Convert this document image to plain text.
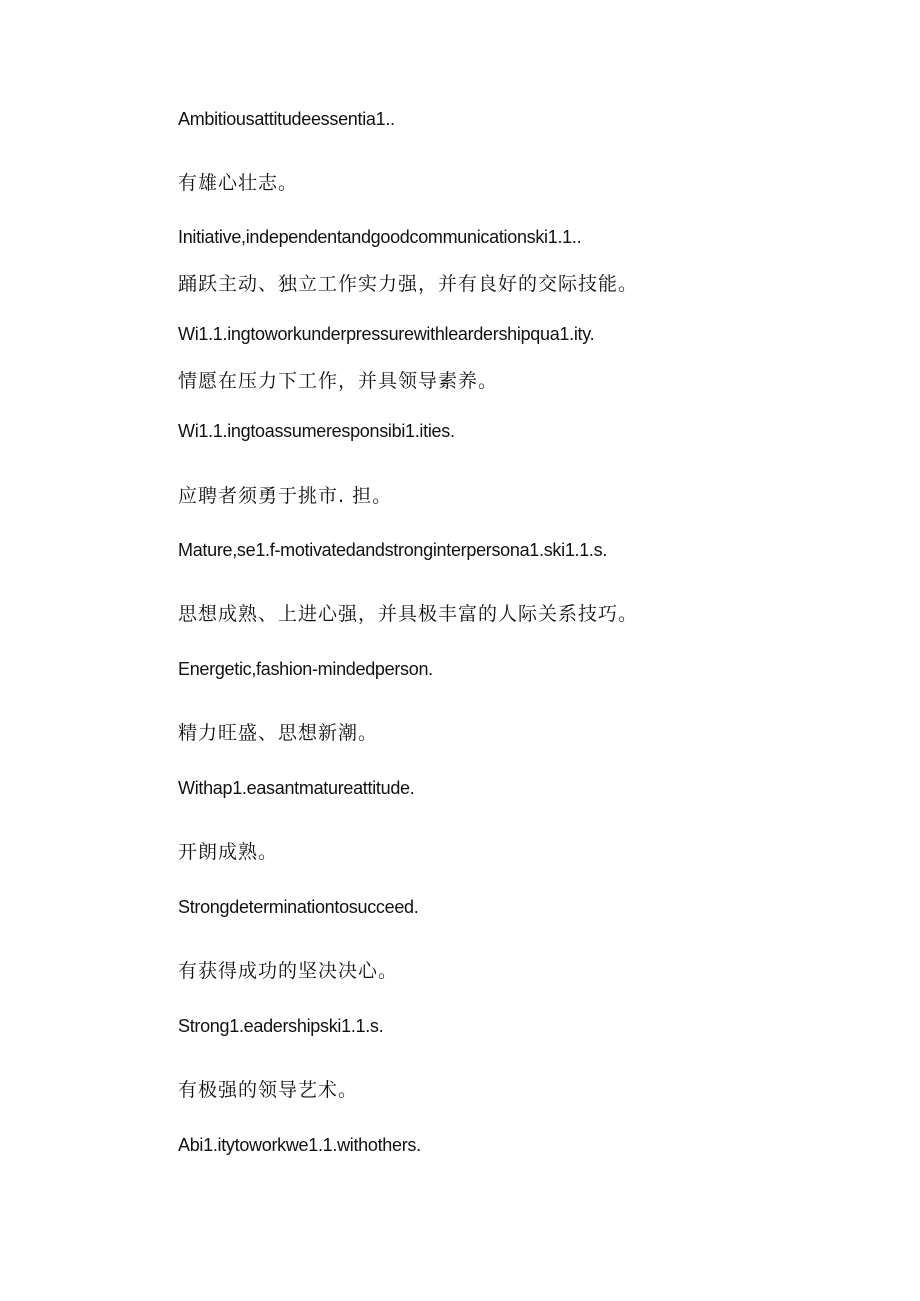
Ambitiousattitudeessentia1..
有雄心壮志。
Initiative,independentandgoodcommunicationski1.1..
踊跃主动、独立工作实力强，并有良好的交际技能。
Wi1.1.ingtoworkunderpressurewithleardershipqua1.ity.
情愿在压力下工作，并具领导素养。
Wi1.1.ingtoassumeresponsibi1.ities.
应聘者须勇于挑市. 担。
Mature,se1.f-motivatedandstronginterpersona1.ski1.1.s.
思想成熟、上进心强，并具极丰富的人际关系技巧。
Energetic,fashion-mindedperson.
精力旺盛、思想新潮。
Withap1.easantmatureattitude.
开朗成熟。
Strongdeterminationtosucceed.
有获得成功的坚决决心。
Strong1.eadershipski1.1.s.
有极强的领导艺术。
Abi1.itytoworkwe1.1.withothers.
